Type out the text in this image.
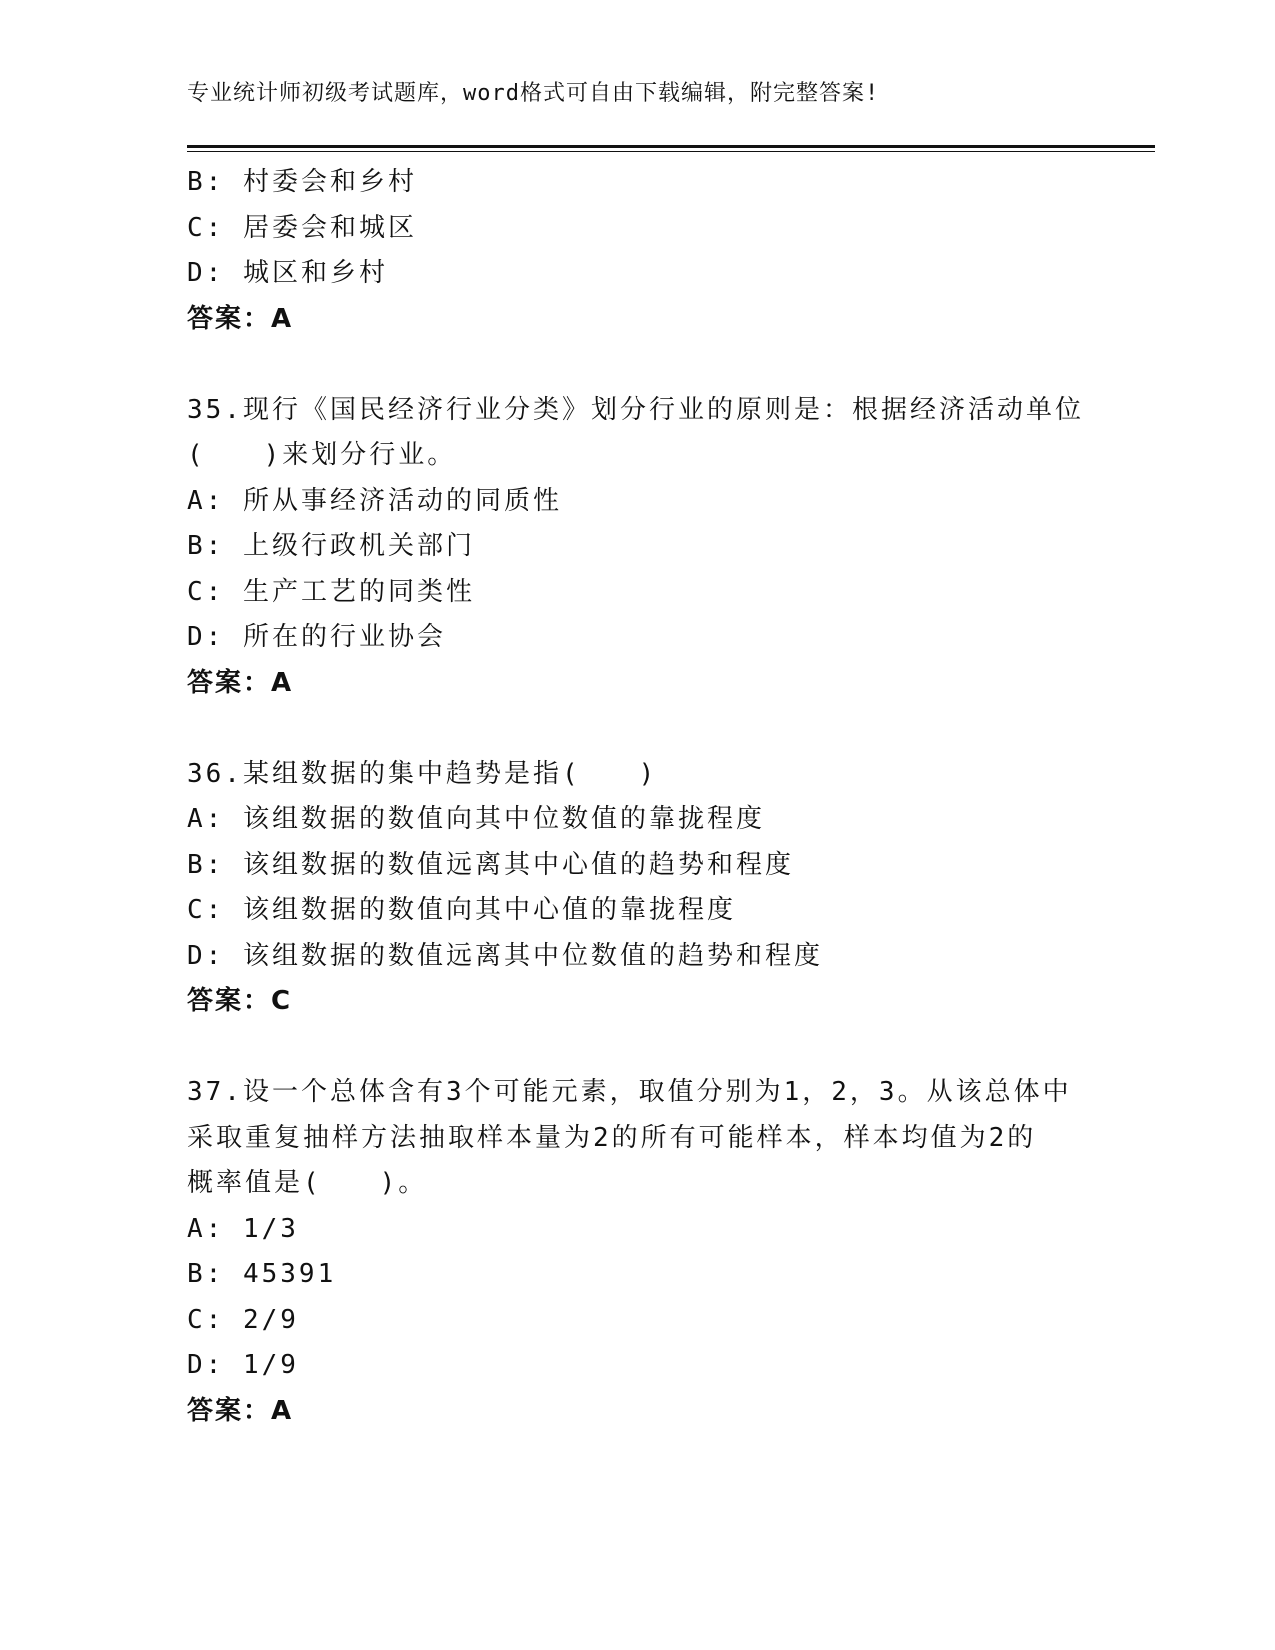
专业统计师初级考试题库，word格式可自由下载编辑，附完整答案!
B: 村委会和乡村
C: 居委会和城区
D: 城区和乡村
答案：A
35.现行《国民经济行业分类》划分行业的原则是：根据经济活动单位
(　　)来划分行业。
A: 所从事经济活动的同质性
B: 上级行政机关部门
C: 生产工艺的同类性
D: 所在的行业协会
答案：A
36.某组数据的集中趋势是指(　　)
A: 该组数据的数值向其中位数值的靠拢程度
B: 该组数据的数值远离其中心值的趋势和程度
C: 该组数据的数值向其中心值的靠拢程度
D: 该组数据的数值远离其中位数值的趋势和程度
答案：C
37.设一个总体含有3个可能元素，取值分别为1，2，3。从该总体中
采取重复抽样方法抽取样本量为2的所有可能样本，样本均值为2的
概率值是(　　)。
A: 1/3
B: 45391
C: 2/9
D: 1/9
答案：A
